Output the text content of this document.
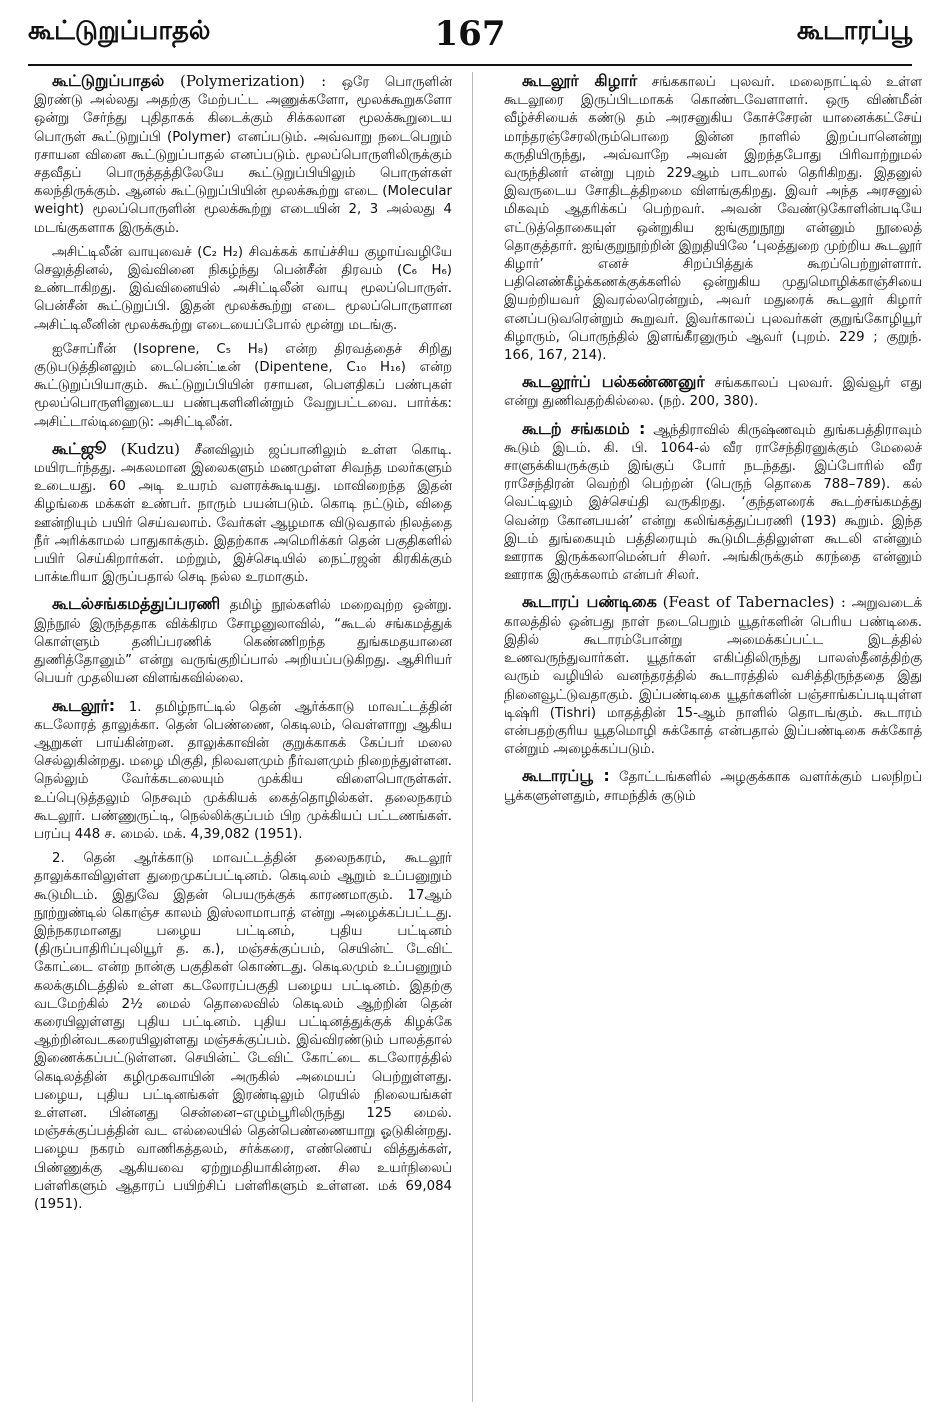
கூட்டுறுப்பாதல்	167	கூடாரப்பூ

கூட்டுறுப்பாதல் (Polymerization) : ஒரே பொருளின் இரண்டு அல்லது அதற்கு மேற்பட்ட அணுக்களோ, மூலக்கூறுகளோ ஒன்று சேர்ந்து புதிதாகக் கிடைக்கும் சிக்கலான மூலக்கூறுடைய பொருள் கூட்டுறுப்பி (Polymer) எனப்படும். அவ்வாறு நடைபெறும் ரசாயன வினை கூட்டுறுப்பாதல் எனப்படும். மூலப்பொருளிலிருக்கும் சதவீதப் பொருத்தத்திலேயே கூட்டுறுப்பியிலும் பொருள்கள் கலந்திருக்கும். ஆனல் கூட்டுறுப்பியின் மூலக்கூற்று எடை (Molecular weight) மூலப்பொருளின் மூலக்கூற்று எடையின் 2, 3 அல்லது 4 மடங்குகளாக இருக்கும்.

அசிட்டிலீன் வாயுவைச் (C₂ H₂) சிவக்கக் காய்ச்சிய குழாய்வழியே செலுத்தினல், இவ்வினை நிகழ்ந்து பென்சீன் திரவம் (C₆ H₆) உண்டாகிறது. இவ்வினையில் அசிட்டிலீன் வாயு மூலப்பொருள். பென்சீன் கூட்டுறுப்பி. இதன் மூலக்கூற்று எடை மூலப்பொருளான அசிட்டிலீனின் மூலக்கூற்று எடையைப்போல் மூன்று மடங்கு.

ஐசோப்ரீன் (Isoprene, C₅ H₈) என்ற திரவத்தைச் சிறிது குடுபடுத்தினலும் டைபென்ட்டீன் (Dipentene, C₁₀ H₁₆) என்ற கூட்டுறுப்பியாகும். கூட்டுறுப்பியின் ரசாயன, பௌதிகப் பண்புகள் மூலப்பொருளினுடைய பண்புகளினின்றும் வேறுபட்டவை. பார்க்க: அசிட்டால்டிஹைடு: அசிட்டிலீன்.

கூட்ஜூ (Kudzu) சீனவிலும் ஜப்பானிலும் உள்ள கொடி. மயிரடர்ந்தது. அகலமான இலைகளும் மணமுள்ள சிவந்த மலர்களும் உடையது. 60 அடி உயரம் வளரக்கூடியது. மாவிறைந்த இதன் கிழங்கை மக்கள் உண்பர். நாரும் பயன்படும். கொடி நட்டும், விதை ஊன்றியும் பயிர் செய்வலாம். வேர்கள் ஆழமாக விடுவதால் நிலத்தை நீர் அரிக்காமல் பாதுகாக்கும். இதற்காக அமெரிக்கர் தென் பகுதிகளில் பயிர் செய்கிறார்கள். மற்றும், இச்செடியில் நைட்ரஜன் கிரகிக்கும் பாக்டீரியா இருப்பதால் செடி நல்ல உரமாகும்.

கூடல்சங்கமத்துப்பரணி தமிழ் நூல்களில் மறைவுற்ற ஒன்று. இந்நூல் இருந்ததாக விக்கிரம சோழனுலாவில், “கூடல் சங்கமத்துக் கொள்ளும் தனிப்பரணிக் கெண்ணிறந்த துங்கமதயானை துணித்தோனும்” என்று வருங்குறிப்பால் அறியப்படுகிறது. ஆசிரியர் பெயர் முதலியன விளங்கவில்லை.

கூடலூர்: 1. தமிழ்நாட்டில் தென் ஆர்க்காடு மாவட்டத்தின் கடலோரத் தாலுக்கா. தென் பெண்ணை, கெடிலம், வெள்ளாறு ஆகிய ஆறுகள் பாய்கின்றன. தாலுக்காவின் குறுக்காகக் கேப்பர் மலை செல்லுகின்றது. மழை மிகுதி, நிலவளமும் நீர்வளமும் நிறைந்துள்ளன. நெல்லும் வேர்க்கடலையும் முக்கிய விளைபொருள்கள். உப்புெடுத்தலும் நெசவும் முக்கியக் கைத்தொழில்கள். தலைநகரம் கூடலூர். பண்ணுருட்டி, நெல்லிக்குப்பம் பிற முக்கியப் பட்டணங்கள். பரப்பு 448 ச. மைல். மக். 4,39,082 (1951).

2. தென் ஆர்க்காடு மாவட்டத்தின் தலைநகரம், கூடலூர் தாலுக்காவிலுள்ள துறைமுகப்பட்டினம். கெடிலம் ஆறும் உப்பனுறும் கூடுமிடம். இதுவே இதன் பெயருக்குக் காரணமாகும். 17ஆம் நூற்றுண்டில் கொஞ்ச காலம் இஸ்லாமாபாத் என்று அழைக்கப்பட்டது. இந்நகரமானது பழைய பட்டினம், புதிய பட்டினம் (திருப்பாதிரிப்புலியூர் த. க.), மஞ்சக்குப்பம், செயின்ட் டேவிட் கோட்டை என்ற நான்கு பகுதிகள் கொண்டது. கெடிலமும் உப்பனுறும் கலக்குமிடத்தில் உள்ள கடலோரப்பகுதி பழைய பட்டினம். இதற்கு வடமேற்கில் 2½ மைல் தொலைவில் கெடிலம் ஆற்றின் தென் கரையிலுள்ளது புதிய பட்டினம். புதிய பட்டினத்துக்குக் கிழக்கே ஆற்றின்வடகரையிலுள்ளது மஞ்சக்குப்பம். இவ்விரண்டும் பாலத்தால் இணைக்கப்பட்டுள்ளன. செயின்ட் டேவிட் கோட்டை கடலோரத்தில் கெடிலத்தின் கழிமுகவாயின் அருகில் அமையப் பெற்றுள்ளது. பழைய, புதிய பட்டினங்கள் இரண்டிலும் ரெயில் நிலையங்கள் உள்ளன. பின்னது சென்னை–எழும்பூரிலிருந்து 125 மைல். மஞ்சக்குப்பத்தின் வட எல்லையில் தென்பெண்ணையாறு ஓடுகின்றது. பழைய நகரம் வாணிகத்தலம், சர்க்கரை, எண்ணெய் வித்துக்கள், பிண்ணுக்கு ஆகியவை ஏற்றுமதியாகின்றன. சில உயர்நிலைப் பள்ளிகளும் ஆதாரப் பயிற்சிப் பள்ளிகளும் உள்ளன. மக் 69,084 (1951).

கூடலூர் கிழார் சங்ககாலப் புலவர். மலைநாட்டில் உள்ள கூடலூரை இருப்பிடமாகக் கொண்டவேளாளர். ஒரு விண்மீன் வீழ்ச்சியைக் கண்டு தம் அரசனுகிய கோச்சேரன் யானைக்கட்சேய் மாந்தரஞ்சேரலிரும்பொறை இன்ன நாளில் இறப்பானென்று கருதியிருந்து, அவ்வாறே அவன் இறந்தபோது பிரிவாற்றுமல் வருந்தினர் என்று புறம் 229ஆம் பாடலால் தெரிகிறது. இதனுல் இவருடைய சோதிடத்திறமை விளங்குகிறது. இவர் அந்த அரசனுல் மிகவும் ஆதரிக்கப் பெற்றவர். அவன் வேண்டுகோளின்படியே எட்டுத்தொகையுள் ஒன்றுகிய ஐங்குறுநூறு என்னும் நூலைத் தொகுத்தார். ஐங்குறுநூற்றின் இறுதியிலே ‘புலத்துறை முற்றிய கூடலூர் கிழார்’ எனச் சிறப்பித்துக் கூறப்பெற்றுள்ளார். பதினெண்கீழ்க்கணக்குக்களில் ஒன்றுகிய முதுமொழிக்காஞ்சியை இயற்றியவர் இவரல்லரென்றும், அவர் மதுரைக் கூடலூர் கிழார் எனப்படுவரென்றும் கூறுவர். இவர்காலப் புலவர்கள் குறுங்கோழியூர் கிழாரும், பொருந்தில் இளங்கீரனுரும் ஆவர் (புறம். 229 ; குறுந். 166, 167, 214).

கூடலூர்ப் பல்கண்ணனுர் சங்ககாலப் புலவர். இவ்வூர் எது என்று துணிவதற்கில்லை. (நற். 200, 380).

கூடற் சங்கமம் : ஆந்திராவில் கிருஷ்ணவும் துங்கபத்திராவும் கூடும் இடம். கி. பி. 1064-ல் வீர ராசேந்திரனுக்கும் மேலைச் சாளுக்கியருக்கும் இங்குப் போர் நடந்தது. இப்போரில் வீர ராசேந்திரன் வெற்றி பெற்றன் (பெருந் தொகை 788–789). கல் வெட்டிலும் இச்செய்தி வருகிறது. ‘குந்தளரைக் கூடற்சங்கமத்து வென்ற கோனபயன்’ என்று கலிங்கத்துப்பரணி (193) கூறும். இந்த இடம் துங்கையும் பத்திரையும் கூடுமிடத்திலுள்ள கூடலி என்னும் ஊராக இருக்கலாமென்பர் சிலர். அங்கிருக்கும் கரந்தை என்னும் ஊராக இருக்கலாம் என்பர் சிலர்.

கூடாரப் பண்டிகை (Feast of Tabernacles) : அறுவடைக் காலத்தில் ஒன்பது நாள் நடைபெறும் யூதர்களின் பெரிய பண்டிகை. இதில் கூடாரம்போன்று அமைக்கப்பட்ட இடத்தில் உணவருந்துவார்கள். யூதர்கள் எகிப்திலிருந்து பாலஸ்தீனத்திற்கு வரும் வழியில் வனந்தரத்தில் கூடாரத்தில் வசித்திருந்ததை இது நினைவூட்டுவதாகும். இப்பண்டிகை யூதர்களின் பஞ்சாங்கப்படியுள்ள டிஷ்ரி (Tishri) மாதத்தின் 15-ஆம் நாளில் தொடங்கும். கூடாரம் என்பதற்குரிய யூதமொழி சுக்கோத் என்பதால் இப்பண்டிகை சுக்கோத் என்றும் அழைக்கப்படும்.

கூடாரப்பூ : தோட்டங்களில் அழகுக்காக வளர்க்கும் பலநிறப் பூக்களுள்ளதும், சாமந்திக் குடும்
